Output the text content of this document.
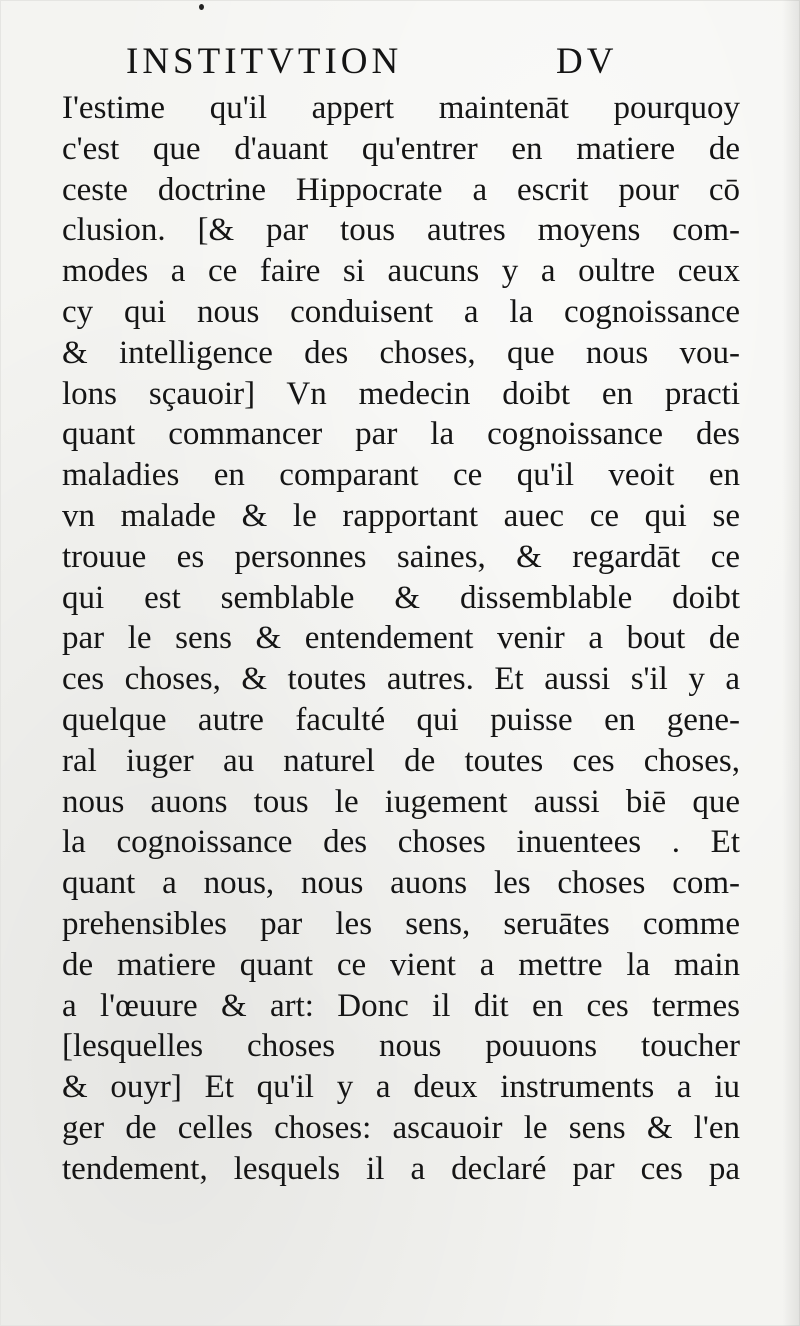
INSTITVTION	DV
I'estime qu'il appert maintenāt pourquoy
c'est que d'auant qu'entrer en matiere de
ceste doctrine Hippocrate a escrit pour cō
clusion. [& par tous autres moyens com-
modes a ce faire si aucuns y a oultre ceux
cy qui nous conduisent a la cognoissance
& intelligence des choses, que nous vou-
lons sçauoir] Vn medecin doibt en practi
quant commancer par la cognoissance des
maladies en comparant ce qu'il veoit en
vn malade & le rapportant auec ce qui se
trouue es personnes saines, & regardāt ce
qui est semblable & dissemblable doibt
par le sens & entendement venir a bout de
ces choses, & toutes autres. Et aussi s'il y a
quelque autre faculté qui puisse en gene-
ral iuger au naturel de toutes ces choses,
nous auons tous le iugement aussi biē que
la cognoissance des choses inuentees . Et
quant a nous, nous auons les choses com-
prehensibles par les sens, seruātes comme
de matiere quant ce vient a mettre la main
a l'œuure & art: Donc il dit en ces termes
[lesquelles choses nous pouuons toucher
& ouyr] Et qu'il y a deux instruments a iu
ger de celles choses: ascauoir le sens & l'en
tendement, lesquels il a declaré par ces pa
